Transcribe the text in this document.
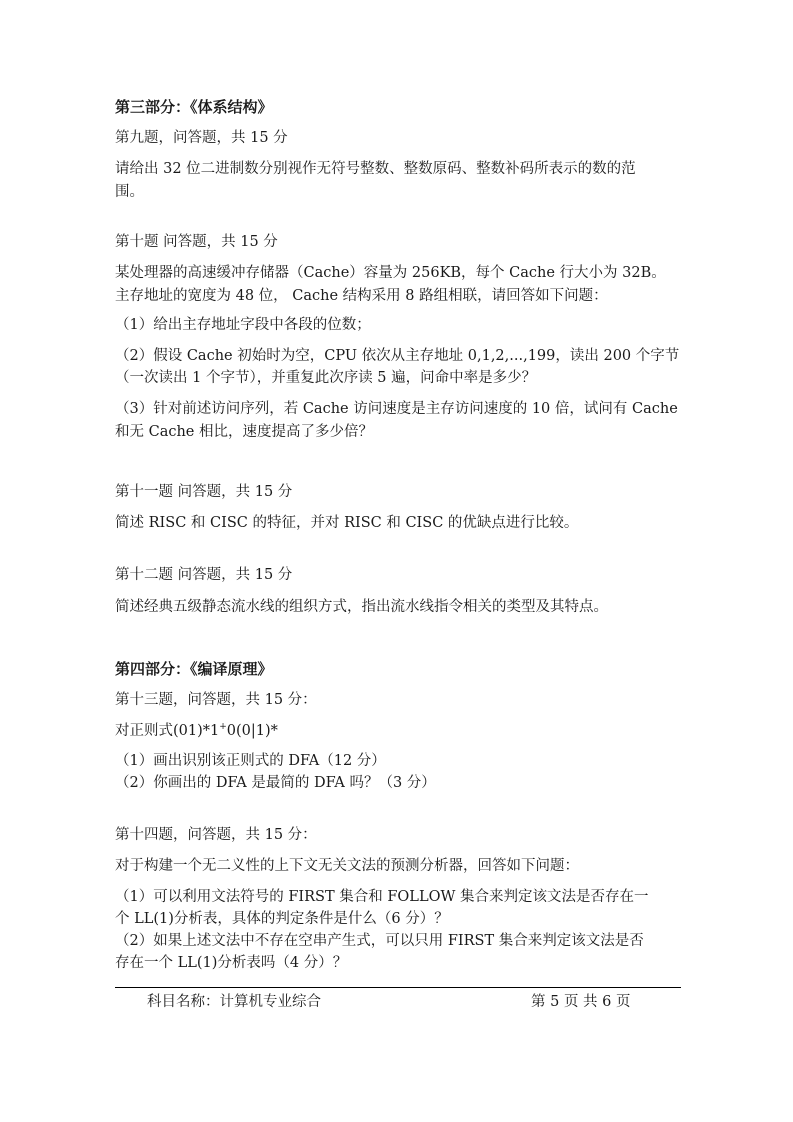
第三部分：《体系结构》

第九题，问答题，共 15 分

请给出 32 位二进制数分别视作无符号整数、整数原码、整数补码所表示的数的范

围。

第十题 问答题，共 15 分

某处理器的高速缓冲存储器（Cache）容量为 256KB，每个 Cache 行大小为 32B。

主存地址的宽度为 48 位， Cache 结构采用 8 路组相联，请回答如下问题：

（1）给出主存地址字段中各段的位数；

（2）假设 Cache 初始时为空，CPU 依次从主存地址 0,1,2,...,199，读出 200 个字节

（一次读出 1 个字节），并重复此次序读 5 遍，问命中率是多少？

（3）针对前述访问序列，若 Cache 访问速度是主存访问速度的 10 倍，试问有 Cache

和无 Cache 相比，速度提高了多少倍？

第十一题 问答题，共 15 分

简述 RISC 和 CISC 的特征，并对 RISC 和 CISC 的优缺点进行比较。

第十二题 问答题，共 15 分

简述经典五级静态流水线的组织方式，指出流水线指令相关的类型及其特点。

第四部分：《编译原理》

第十三题，问答题，共 15 分：

对正则式(01)*1+0(0|1)*

（1）画出识别该正则式的 DFA（12 分）

（2）你画出的 DFA 是最简的 DFA 吗？（3 分）

第十四题，问答题，共 15 分：

对于构建一个无二义性的上下文无关文法的预测分析器，回答如下问题：

（1）可以利用文法符号的 FIRST 集合和 FOLLOW 集合来判定该文法是否存在一

个 LL(1)分析表，具体的判定条件是什么（6 分）？

（2）如果上述文法中不存在空串产生式，可以只用 FIRST 集合来判定该文法是否

存在一个 LL(1)分析表吗（4 分）？

科目名称：计算机专业综合	第 5 页 共 6 页
